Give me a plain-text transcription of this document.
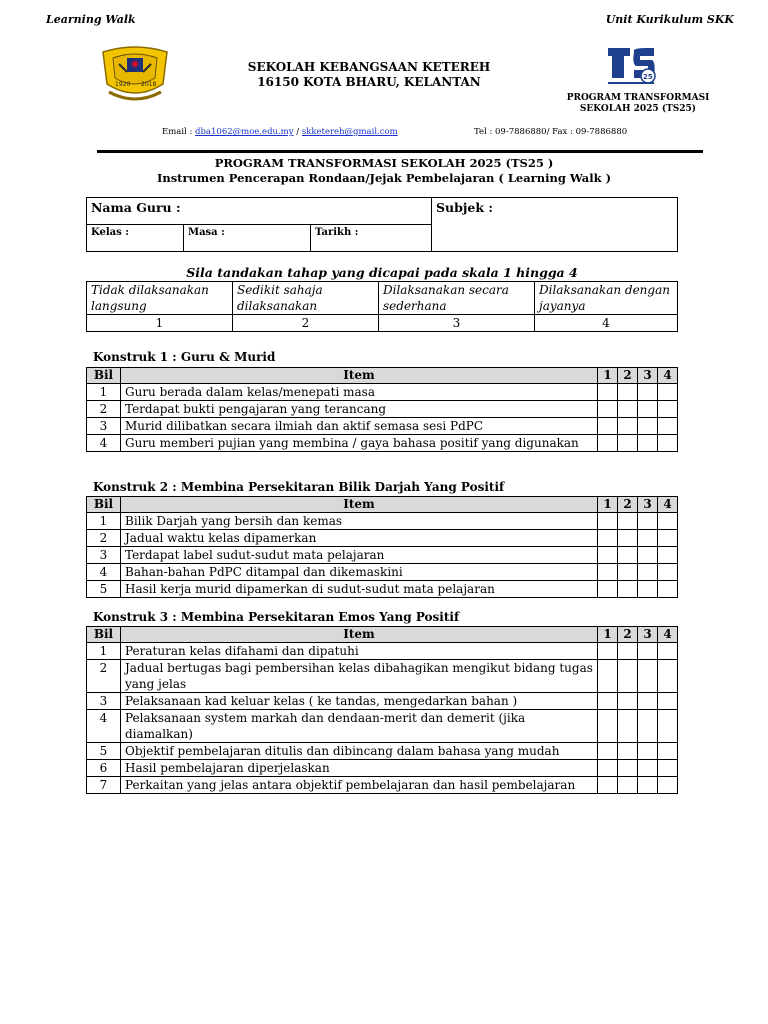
Learning Walk	Unit Kurikulum SKK
1920 2018
SEKOLAH KEBANGSAAN KETEREH
16150 KOTA BHARU, KELANTAN	25
PROGRAM TRANSFORMASI
SEKOLAH 2025 (TS25)
Email : dba1062@moe.edu.my / skketereh@gmail.com	Tel : 09-7886880/ Fax : 09-7886880
PROGRAM TRANSFORMASI SEKOLAH 2025 (TS25 )
Instrumen Pencerapan Rondaan/Jejak Pembelajaran ( Learning Walk )
Nama Guru :			Subjek :
Kelas :	Masa :	Tarikh :	
Sila tandakan tahap yang dicapai pada skala 1 hingga 4
Tidak dilaksanakan langsung	Sedikit sahaja dilaksanakan	Dilaksanakan secara sederhana	Dilaksanakan dengan jayanya
1	2	3	4
Konstruk 1 : Guru & Murid
Bil	Item	1	2	3	4
1	Guru berada dalam kelas/menepati masa				
2	Terdapat bukti pengajaran yang terancang				
3	Murid dilibatkan secara ilmiah dan aktif semasa sesi PdPC				
4	Guru memberi pujian yang membina / gaya bahasa positif yang digunakan				
Konstruk 2 : Membina Persekitaran Bilik Darjah Yang Positif
Bil	Item	1	2	3	4
1	Bilik Darjah yang bersih dan kemas				
2	Jadual waktu kelas dipamerkan				
3	Terdapat label sudut-sudut mata pelajaran				
4	Bahan-bahan PdPC ditampal dan dikemaskini				
5	Hasil kerja murid dipamerkan di sudut-sudut mata pelajaran				
Konstruk 3 : Membina Persekitaran Emos Yang Positif
Bil	Item	1	2	3	4
1	Peraturan kelas difahami dan dipatuhi				
2	Jadual bertugas bagi pembersihan kelas dibahagikan mengikut bidang tugas yang jelas				
3	Pelaksanaan kad keluar kelas ( ke tandas, mengedarkan bahan )				
4	Pelaksanaan system markah dan dendaan-merit dan demerit (jika diamalkan)				
5	Objektif pembelajaran ditulis dan dibincang dalam bahasa yang mudah				
6	Hasil pembelajaran diperjelaskan				
7	Perkaitan yang jelas antara objektif pembelajaran dan hasil pembelajaran				
